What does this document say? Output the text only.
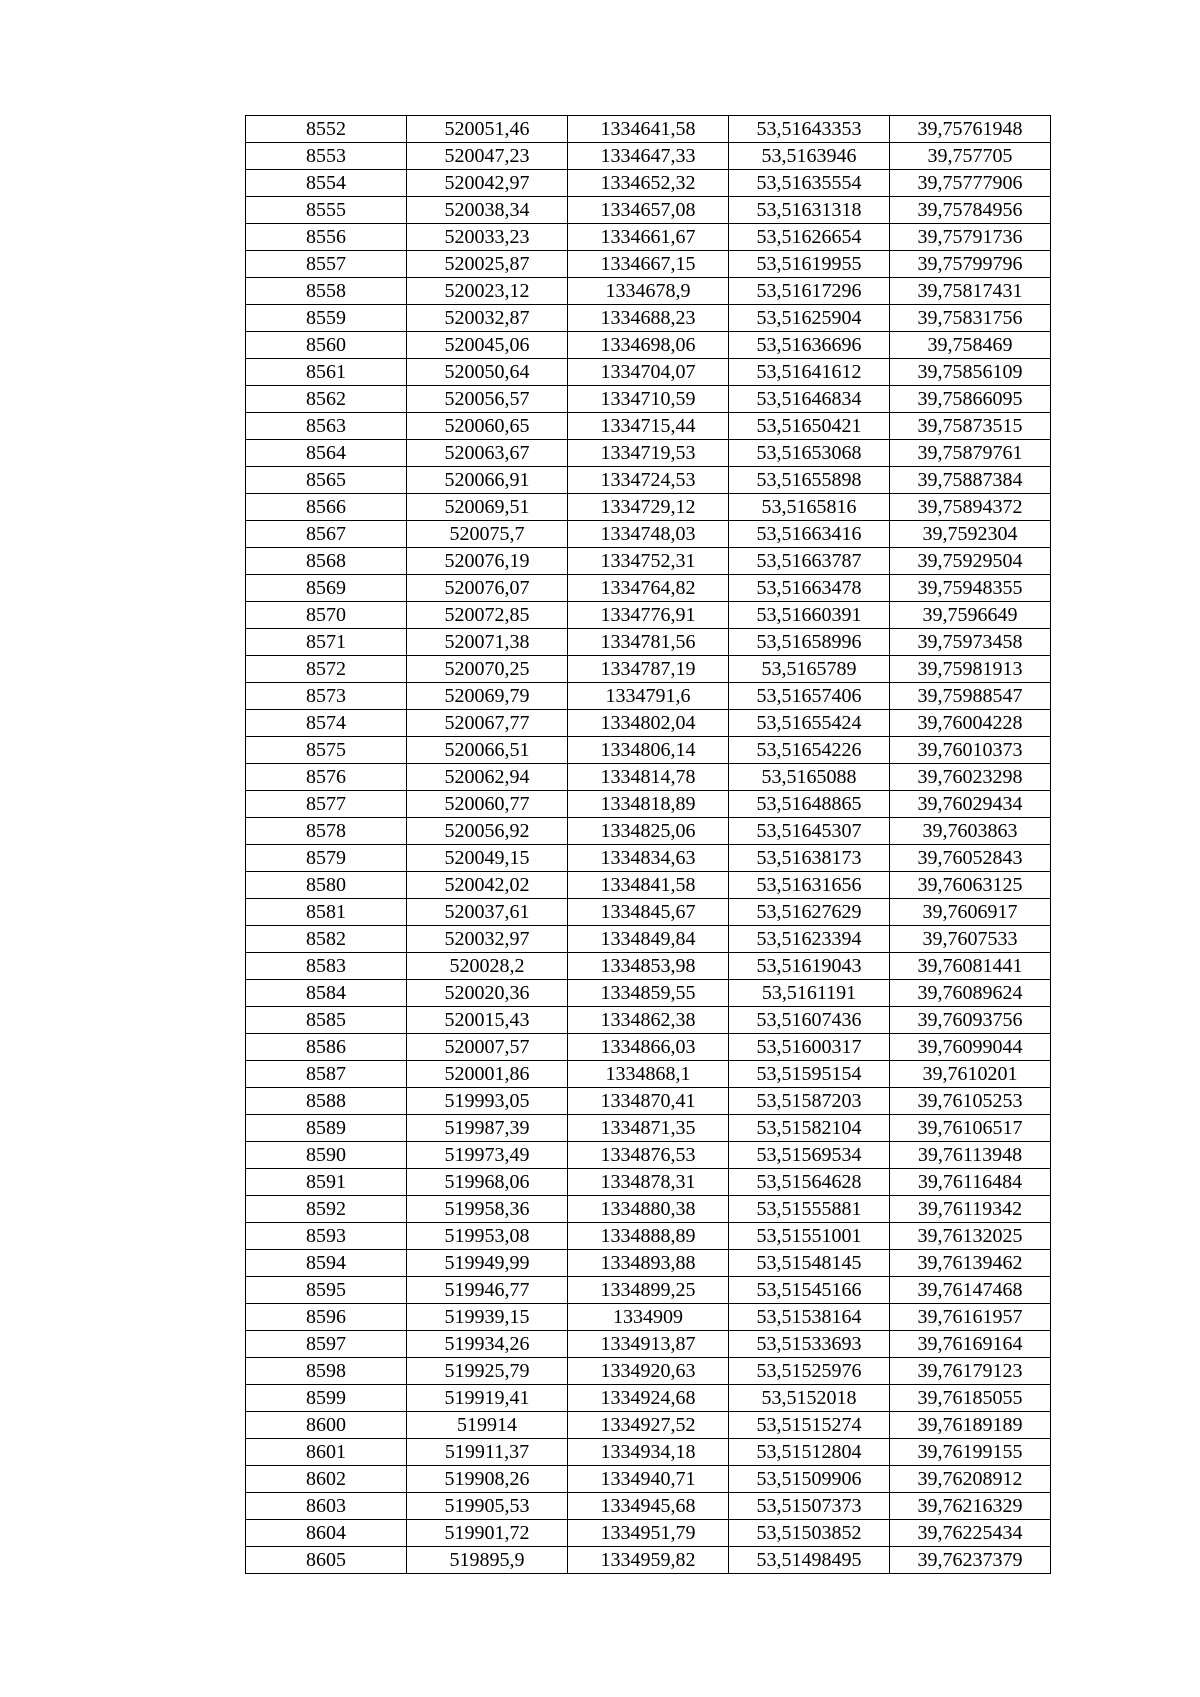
8552	520051,46	1334641,58	53,51643353	39,75761948
8553	520047,23	1334647,33	53,5163946	39,757705
8554	520042,97	1334652,32	53,51635554	39,75777906
8555	520038,34	1334657,08	53,51631318	39,75784956
8556	520033,23	1334661,67	53,51626654	39,75791736
8557	520025,87	1334667,15	53,51619955	39,75799796
8558	520023,12	1334678,9	53,51617296	39,75817431
8559	520032,87	1334688,23	53,51625904	39,75831756
8560	520045,06	1334698,06	53,51636696	39,758469
8561	520050,64	1334704,07	53,51641612	39,75856109
8562	520056,57	1334710,59	53,51646834	39,75866095
8563	520060,65	1334715,44	53,51650421	39,75873515
8564	520063,67	1334719,53	53,51653068	39,75879761
8565	520066,91	1334724,53	53,51655898	39,75887384
8566	520069,51	1334729,12	53,5165816	39,75894372
8567	520075,7	1334748,03	53,51663416	39,7592304
8568	520076,19	1334752,31	53,51663787	39,75929504
8569	520076,07	1334764,82	53,51663478	39,75948355
8570	520072,85	1334776,91	53,51660391	39,7596649
8571	520071,38	1334781,56	53,51658996	39,75973458
8572	520070,25	1334787,19	53,5165789	39,75981913
8573	520069,79	1334791,6	53,51657406	39,75988547
8574	520067,77	1334802,04	53,51655424	39,76004228
8575	520066,51	1334806,14	53,51654226	39,76010373
8576	520062,94	1334814,78	53,5165088	39,76023298
8577	520060,77	1334818,89	53,51648865	39,76029434
8578	520056,92	1334825,06	53,51645307	39,7603863
8579	520049,15	1334834,63	53,51638173	39,76052843
8580	520042,02	1334841,58	53,51631656	39,76063125
8581	520037,61	1334845,67	53,51627629	39,7606917
8582	520032,97	1334849,84	53,51623394	39,7607533
8583	520028,2	1334853,98	53,51619043	39,76081441
8584	520020,36	1334859,55	53,5161191	39,76089624
8585	520015,43	1334862,38	53,51607436	39,76093756
8586	520007,57	1334866,03	53,51600317	39,76099044
8587	520001,86	1334868,1	53,51595154	39,7610201
8588	519993,05	1334870,41	53,51587203	39,76105253
8589	519987,39	1334871,35	53,51582104	39,76106517
8590	519973,49	1334876,53	53,51569534	39,76113948
8591	519968,06	1334878,31	53,51564628	39,76116484
8592	519958,36	1334880,38	53,51555881	39,76119342
8593	519953,08	1334888,89	53,51551001	39,76132025
8594	519949,99	1334893,88	53,51548145	39,76139462
8595	519946,77	1334899,25	53,51545166	39,76147468
8596	519939,15	1334909	53,51538164	39,76161957
8597	519934,26	1334913,87	53,51533693	39,76169164
8598	519925,79	1334920,63	53,51525976	39,76179123
8599	519919,41	1334924,68	53,5152018	39,76185055
8600	519914	1334927,52	53,51515274	39,76189189
8601	519911,37	1334934,18	53,51512804	39,76199155
8602	519908,26	1334940,71	53,51509906	39,76208912
8603	519905,53	1334945,68	53,51507373	39,76216329
8604	519901,72	1334951,79	53,51503852	39,76225434
8605	519895,9	1334959,82	53,51498495	39,76237379
